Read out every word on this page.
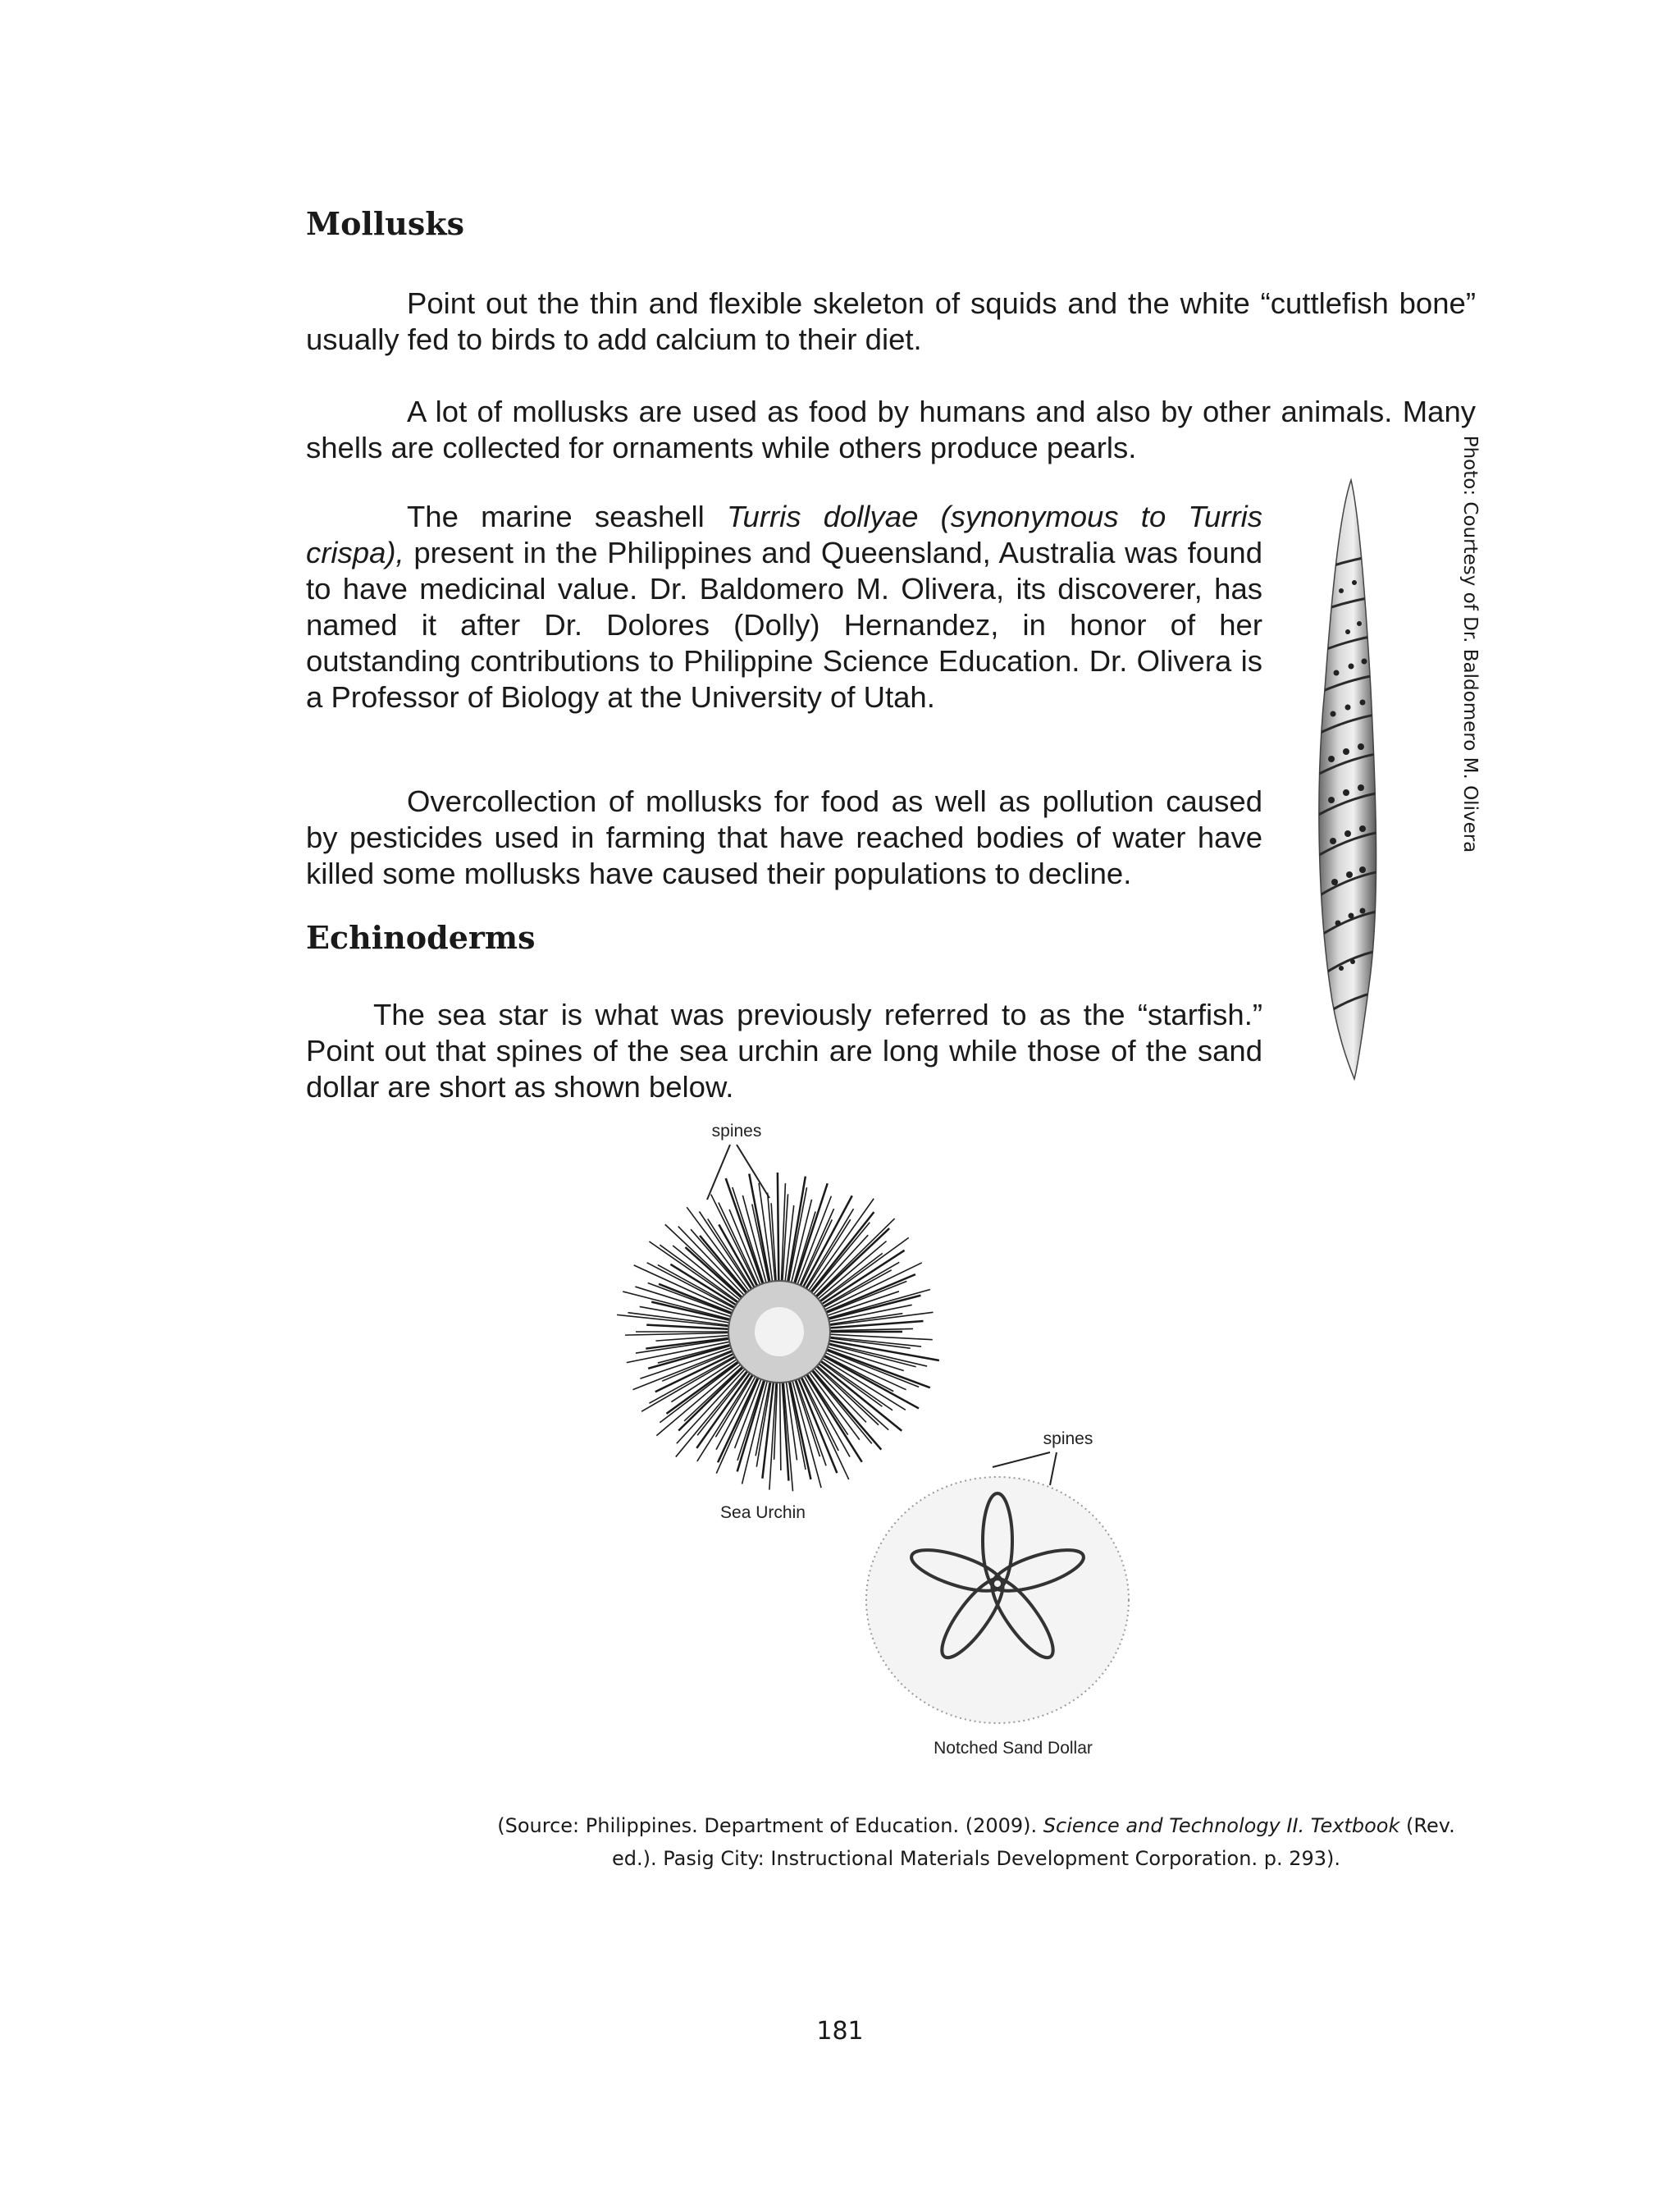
Mollusks

Point out the thin and flexible skeleton of squids and the white “cuttlefish bone” usually fed to birds to add calcium to their diet.

A lot of mollusks are used as food by humans and also by other animals. Many shells are collected for ornaments while others produce pearls.

The marine seashell Turris dollyae (synonymous to Turris crispa), present in the Philippines and Queensland, Australia was found to have medicinal value. Dr. Baldomero M. Olivera, its discoverer, has named it after Dr. Dolores (Dolly) Hernandez, in honor of her outstanding contributions to Philippine Science Education. Dr. Olivera is a Professor of Biology at the University of Utah.

Overcollection of mollusks for food as well as pollution caused by pesticides used in farming that have reached bodies of water have killed some mollusks have caused their populations to decline.

Echinoderms

The sea star is what was previously referred to as the “starfish.” Point out that spines of the sea urchin are long while those of the sand dollar are short as shown below.

Photo: Courtesy of Dr. Baldomero M. Olivera
spines
Sea Urchin
spines
Notched Sand Dollar
(Source: Philippines. Department of Education. (2009). Science and Technology II. Textbook (Rev. ed.). Pasig City: Instructional Materials Development Corporation. p. 293).
181
